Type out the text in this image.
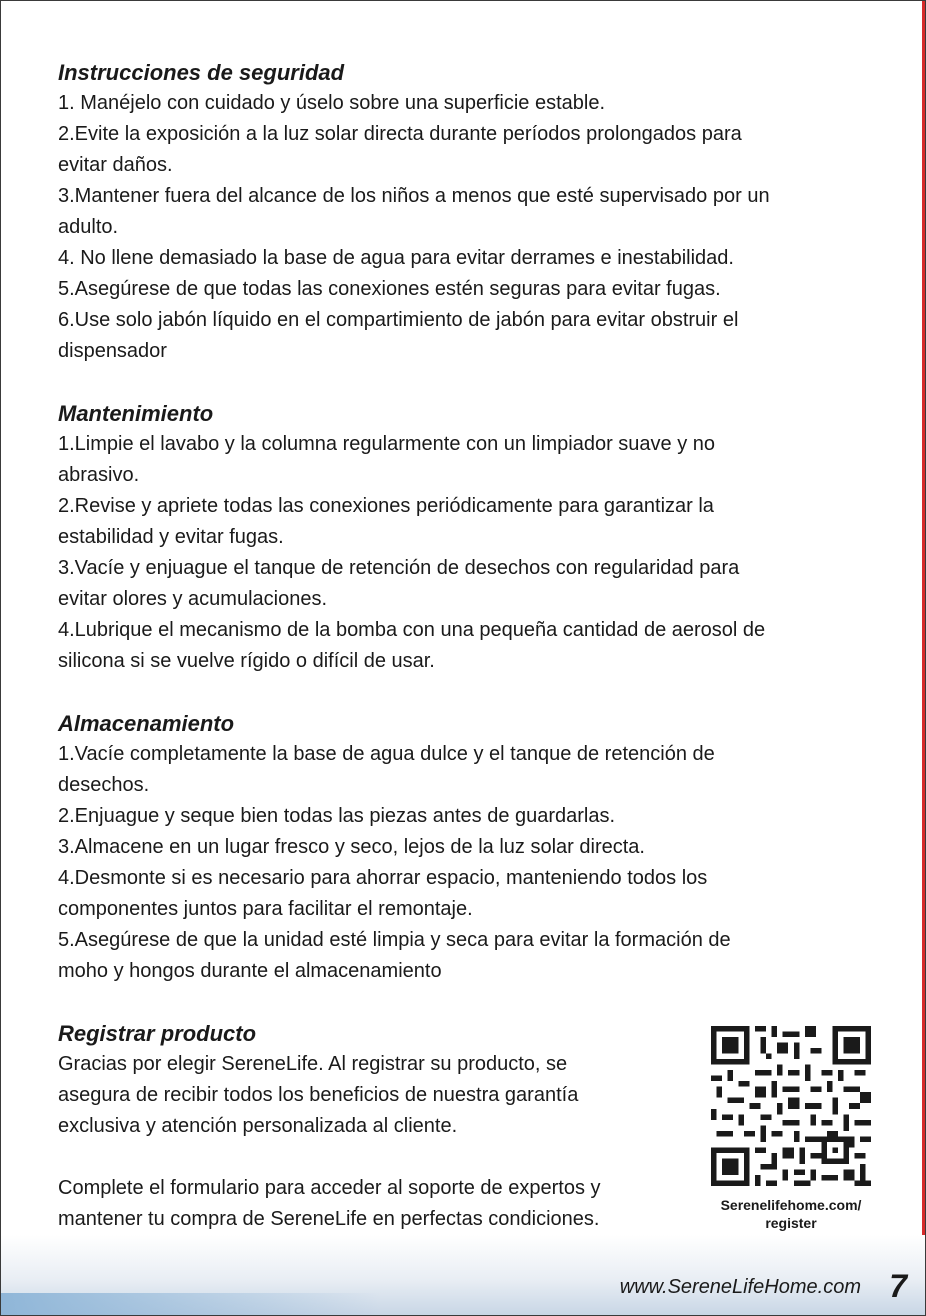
Instrucciones de seguridad

1. Manéjelo con cuidado y úselo sobre una superficie estable.

2.Evite la exposición a la luz solar directa durante períodos prolongados para

evitar daños.

3.Mantener fuera del alcance de los niños a menos que esté supervisado por un

adulto.

4. No llene demasiado la base de agua para evitar derrames e inestabilidad.

5.Asegúrese de que todas las conexiones estén seguras para evitar fugas.

6.Use solo jabón líquido en el compartimiento de jabón para evitar obstruir el

dispensador

Mantenimiento

1.Limpie el lavabo y la columna regularmente con un limpiador suave y no

abrasivo.

2.Revise y apriete todas las conexiones periódicamente para garantizar la

estabilidad y evitar fugas.

3.Vacíe y enjuague el tanque de retención de desechos con regularidad para

evitar olores y acumulaciones.

4.Lubrique el mecanismo de la bomba con una pequeña cantidad de aerosol de

silicona si se vuelve rígido o difícil de usar.

Almacenamiento

1.Vacíe completamente la base de agua dulce y el tanque de retención de

desechos.

2.Enjuague y seque bien todas las piezas antes de guardarlas.

3.Almacene en un lugar fresco y seco, lejos de la luz solar directa.

4.Desmonte si es necesario para ahorrar espacio, manteniendo todos los

componentes juntos para facilitar el remontaje.

5.Asegúrese de que la unidad esté limpia y seca para evitar la formación de

moho y hongos durante el almacenamiento

Registrar producto

Gracias por elegir SereneLife. Al registrar su producto, se

asegura de recibir todos los beneficios de nuestra garantía

exclusiva y atención personalizada al cliente.

Complete el formulario para acceder al soporte de expertos y

mantener tu compra de SereneLife en perfectas condiciones.

Serenelifehome.com/
register
www.SereneLifeHome.com 7
